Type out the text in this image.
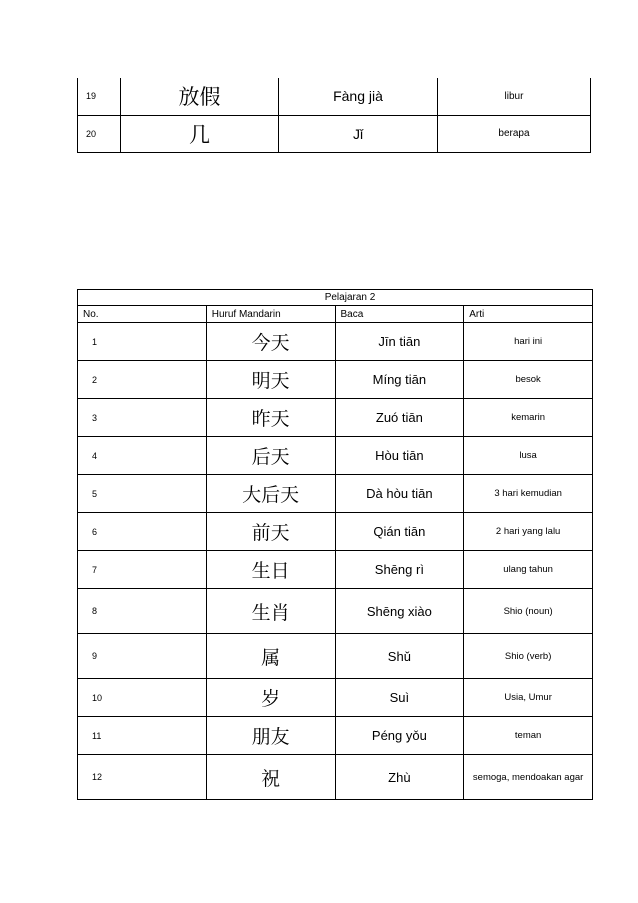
19	放假	Fàng jià	libur
20	几	Jǐ	berapa
Pelajaran 2			
No.	Huruf Mandarin	Baca	Arti
1	今天	Jīn tiān	hari ini
2	明天	Míng tiān	besok
3	昨天	Zuó tiān	kemarin
4	后天	Hòu tiān	lusa
5	大后天	Dà hòu tiān	3 hari kemudian
6	前天	Qián tiān	2 hari yang lalu
7	生日	Shēng rì	ulang tahun
8	生肖	Shēng xiào	Shio (noun)
9	属	Shǔ	Shio (verb)
10	岁	Suì	Usia, Umur
11	朋友	Péng yǒu	teman
12	祝	Zhù	semoga, mendoakan agar
